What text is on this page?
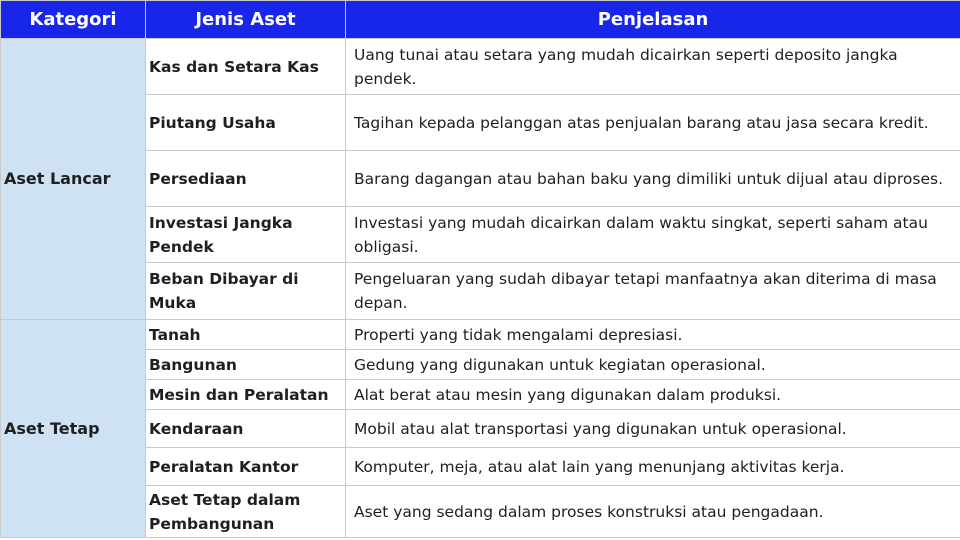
Kategori	Jenis Aset	Penjelasan
Aset Lancar	Kas dan Setara Kas	Uang tunai atau setara yang mudah dicairkan seperti deposito jangka pendek.
	Piutang Usaha	Tagihan kepada pelanggan atas penjualan barang atau jasa secara kredit.
	Persediaan	Barang dagangan atau bahan baku yang dimiliki untuk dijual atau diproses.
	Investasi Jangka Pendek	Investasi yang mudah dicairkan dalam waktu singkat, seperti saham atau obligasi.
	Beban Dibayar di Muka	Pengeluaran yang sudah dibayar tetapi manfaatnya akan diterima di masa depan.
Aset Tetap	Tanah	Properti yang tidak mengalami depresiasi.
	Bangunan	Gedung yang digunakan untuk kegiatan operasional.
	Mesin dan Peralatan	Alat berat atau mesin yang digunakan dalam produksi.
	Kendaraan	Mobil atau alat transportasi yang digunakan untuk operasional.
	Peralatan Kantor	Komputer, meja, atau alat lain yang menunjang aktivitas kerja.
	Aset Tetap dalam Pembangunan	Aset yang sedang dalam proses konstruksi atau pengadaan.
